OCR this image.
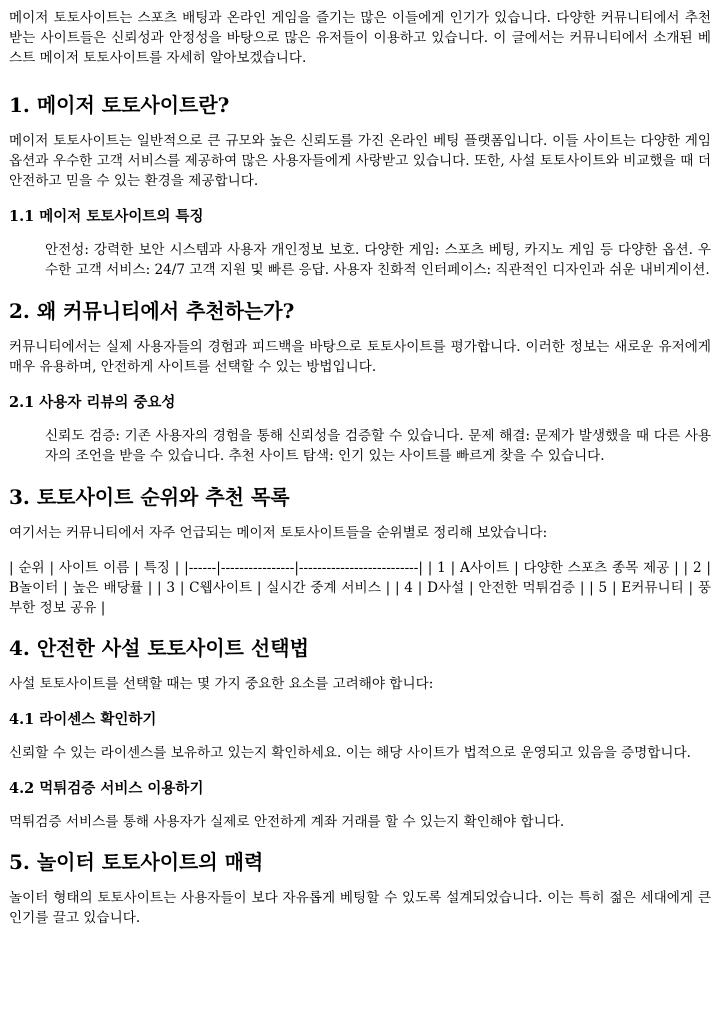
메이저 토토사이트는 스포츠 배팅과 온라인 게임을 즐기는 많은 이들에게 인기가 있습니다. 다양한 커뮤니티에서 추천받는 사이트들은 신뢰성과 안정성을 바탕으로 많은 유저들이 이용하고 있습니다. 이 글에서는 커뮤니티에서 소개된 베스트 메이저 토토사이트를 자세히 알아보겠습니다.

1. 메이저 토토사이트란?

메이저 토토사이트는 일반적으로 큰 규모와 높은 신뢰도를 가진 온라인 베팅 플랫폼입니다. 이들 사이트는 다양한 게임 옵션과 우수한 고객 서비스를 제공하여 많은 사용자들에게 사랑받고 있습니다. 또한, 사설 토토사이트와 비교했을 때 더 안전하고 믿을 수 있는 환경을 제공합니다.

1.1 메이저 토토사이트의 특징
안전성: 강력한 보안 시스템과 사용자 개인정보 보호. 다양한 게임: 스포츠 베팅, 카지노 게임 등 다양한 옵션. 우수한 고객 서비스: 24/7 고객 지원 및 빠른 응답. 사용자 친화적 인터페이스: 직관적인 디자인과 쉬운 내비게이션.
2. 왜 커뮤니티에서 추천하는가?

커뮤니티에서는 실제 사용자들의 경험과 피드백을 바탕으로 토토사이트를 평가합니다. 이러한 정보는 새로운 유저에게 매우 유용하며, 안전하게 사이트를 선택할 수 있는 방법입니다.

2.1 사용자 리뷰의 중요성
신뢰도 검증: 기존 사용자의 경험을 통해 신뢰성을 검증할 수 있습니다. 문제 해결: 문제가 발생했을 때 다른 사용자의 조언을 받을 수 있습니다. 추천 사이트 탐색: 인기 있는 사이트를 빠르게 찾을 수 있습니다.
3. 토토사이트 순위와 추천 목록

여기서는 커뮤니티에서 자주 언급되는 메이저 토토사이트들을 순위별로 정리해 보았습니다:

| 순위 | 사이트 이름 | 특징 | |------|----------------|--------------------------| | 1 | A사이트 | 다양한 스포츠 종목 제공 | | 2 | B놀이터 | 높은 배당률 | | 3 | C웹사이트 | 실시간 중계 서비스 | | 4 | D사설 | 안전한 먹튀검증 | | 5 | E커뮤니티 | 풍부한 정보 공유 |

4. 안전한 사설 토토사이트 선택법

사설 토토사이트를 선택할 때는 몇 가지 중요한 요소를 고려해야 합니다:

4.1 라이센스 확인하기

신뢰할 수 있는 라이센스를 보유하고 있는지 확인하세요. 이는 해당 사이트가 법적으로 운영되고 있음을 증명합니다.

4.2 먹튀검증 서비스 이용하기

먹튀검증 서비스를 통해 사용자가 실제로 안전하게 계좌 거래를 할 수 있는지 확인해야 합니다.

5. 놀이터 토토사이트의 매력

놀이터 형태의 토토사이트는 사용자들이 보다 자유롭게 베팅할 수 있도록 설계되었습니다. 이는 특히 젊은 세대에게 큰 인기를 끌고 있습니다.
